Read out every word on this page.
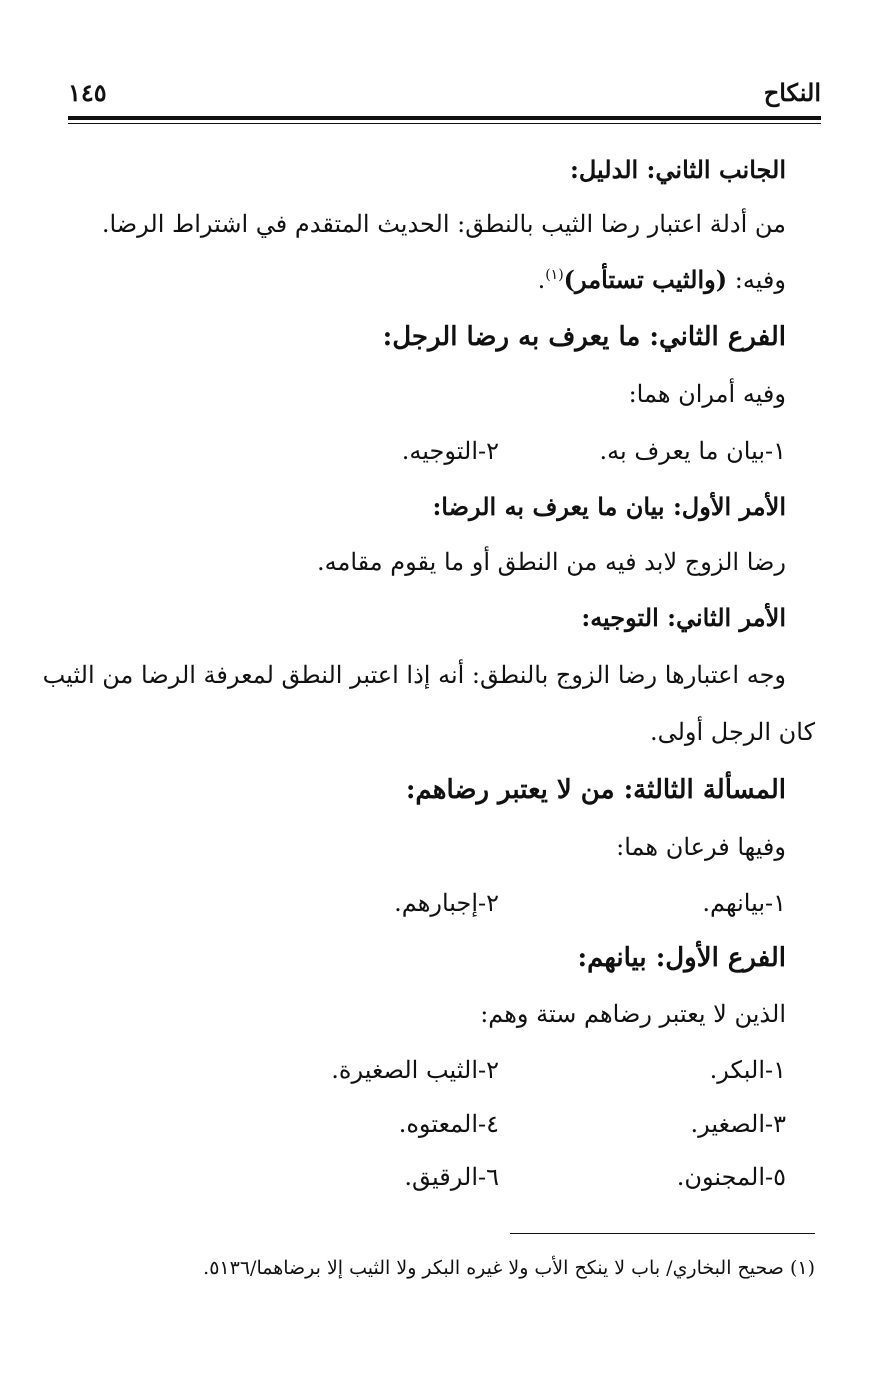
النكاح
١٤٥
الجانب الثاني: الدليل:
من أدلة اعتبار رضا الثيب بالنطق: الحديث المتقدم في اشتراط الرضا.
وفيه: (والثيب تستأمر)$^{(١)}$.
الفرع الثاني: ما يعرف به رضا الرجل:
وفيه أمران هما:
١-بيان ما يعرف به.
٢-التوجيه.
الأمر الأول: بيان ما يعرف به الرضا:
رضا الزوج لابد فيه من النطق أو ما يقوم مقامه.
الأمر الثاني: التوجيه:
وجه اعتبارها رضا الزوج بالنطق: أنه إذا اعتبر النطق لمعرفة الرضا من الثيب
كان الرجل أولى.
المسألة الثالثة: من لا يعتبر رضاهم:
وفيها فرعان هما:
١-بيانهم.
٢-إجبارهم.
الفرع الأول: بيانهم:
الذين لا يعتبر رضاهم ستة وهم:
١-البكر.
٢-الثيب الصغيرة.
٣-الصغير.
٤-المعتوه.
٥-المجنون.
٦-الرقيق.
(١) صحيح البخاري/ باب لا ينكح الأب ولا غيره البكر ولا الثيب إلا برضاهما/٥١٣٦.
